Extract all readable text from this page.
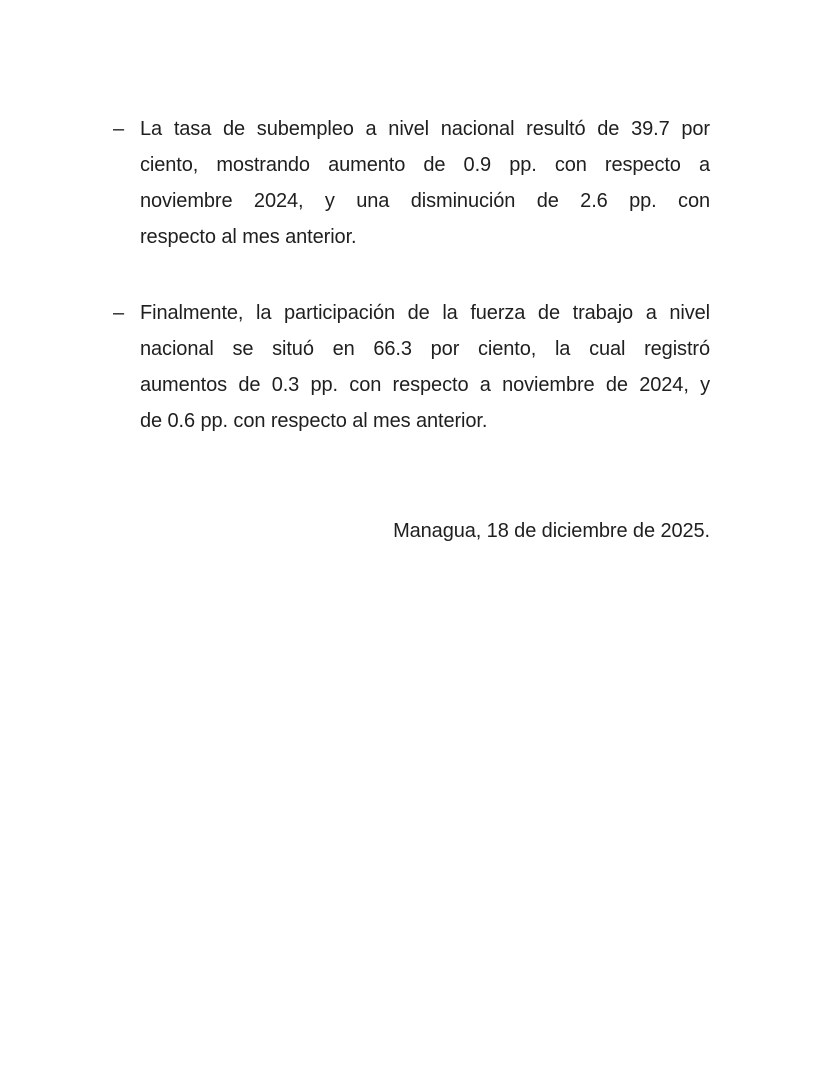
– La tasa de subempleo a nivel nacional resultó de 39.7 por
ciento, mostrando aumento de 0.9 pp. con respecto a
noviembre 2024, y una disminución de 2.6 pp. con
respecto al mes anterior.
– Finalmente, la participación de la fuerza de trabajo a nivel
nacional se situó en 66.3 por ciento, la cual registró
aumentos de 0.3 pp. con respecto a noviembre de 2024, y
de 0.6 pp. con respecto al mes anterior.
Managua, 18 de diciembre de 2025.
